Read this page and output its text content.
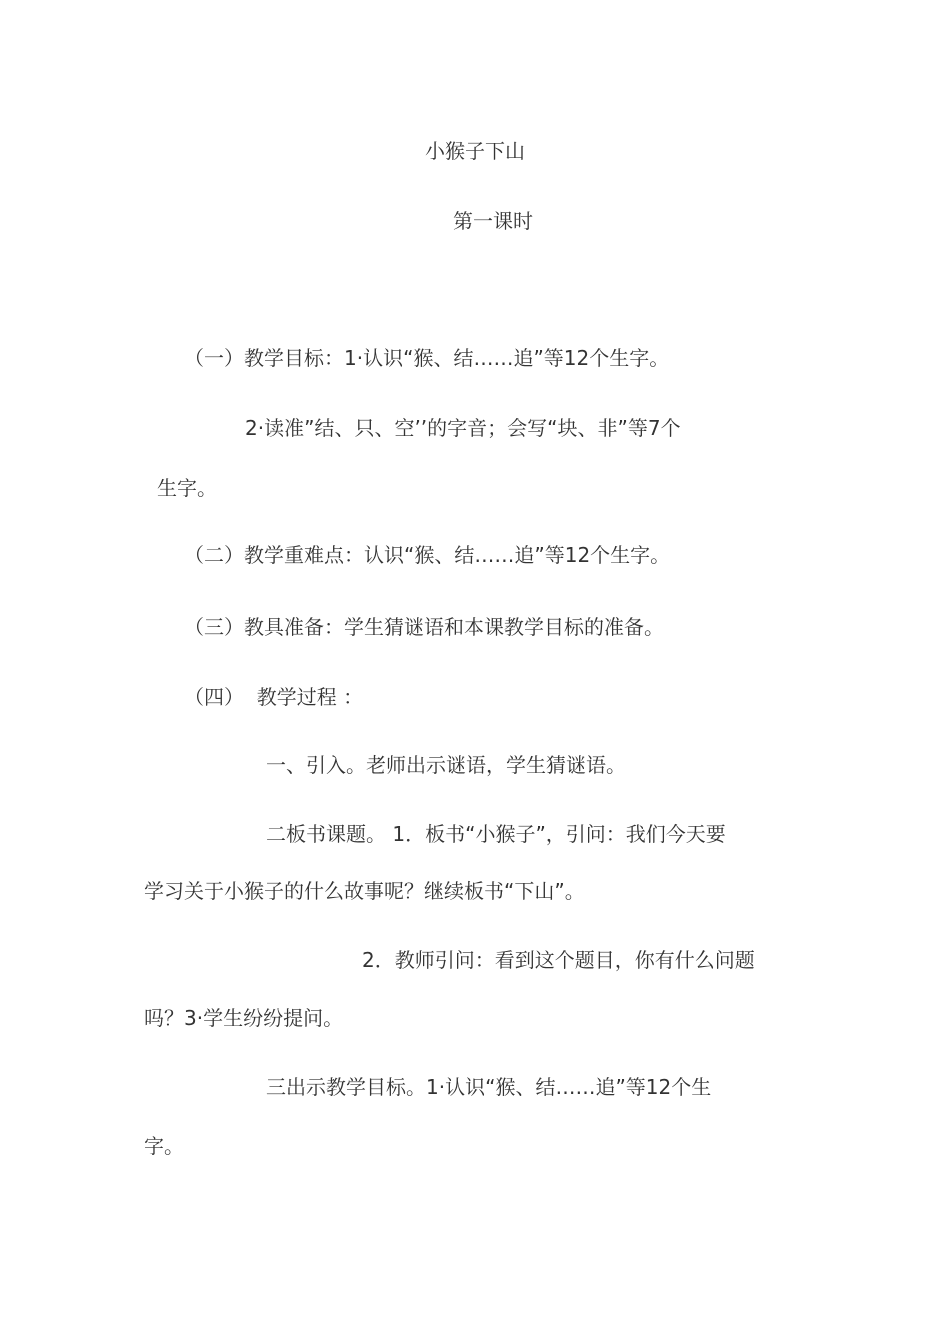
小猴子下山
第一课时
（一）教学目标：1·认识“猴、结……追”等12个生字。
2·读准”结、只、空’’的字音；会写“块、非”等7个
生字。
（二）教学重难点：认识“猴、结……追”等12个生字。
（三）教具准备：学生猜谜语和本课教学目标的准备。
（四）  教学过程 ：
一、引入。老师出示谜语，学生猜谜语。
二板书课题。 1．板书“小猴子”，引问：我们今天要
学习关于小猴子的什么故事呢？继续板书“下山”。
2．教师引问：看到这个题目，你有什么问题
吗？3·学生纷纷提问。
三出示教学目标。1·认识“猴、结……追”等12个生
字。
